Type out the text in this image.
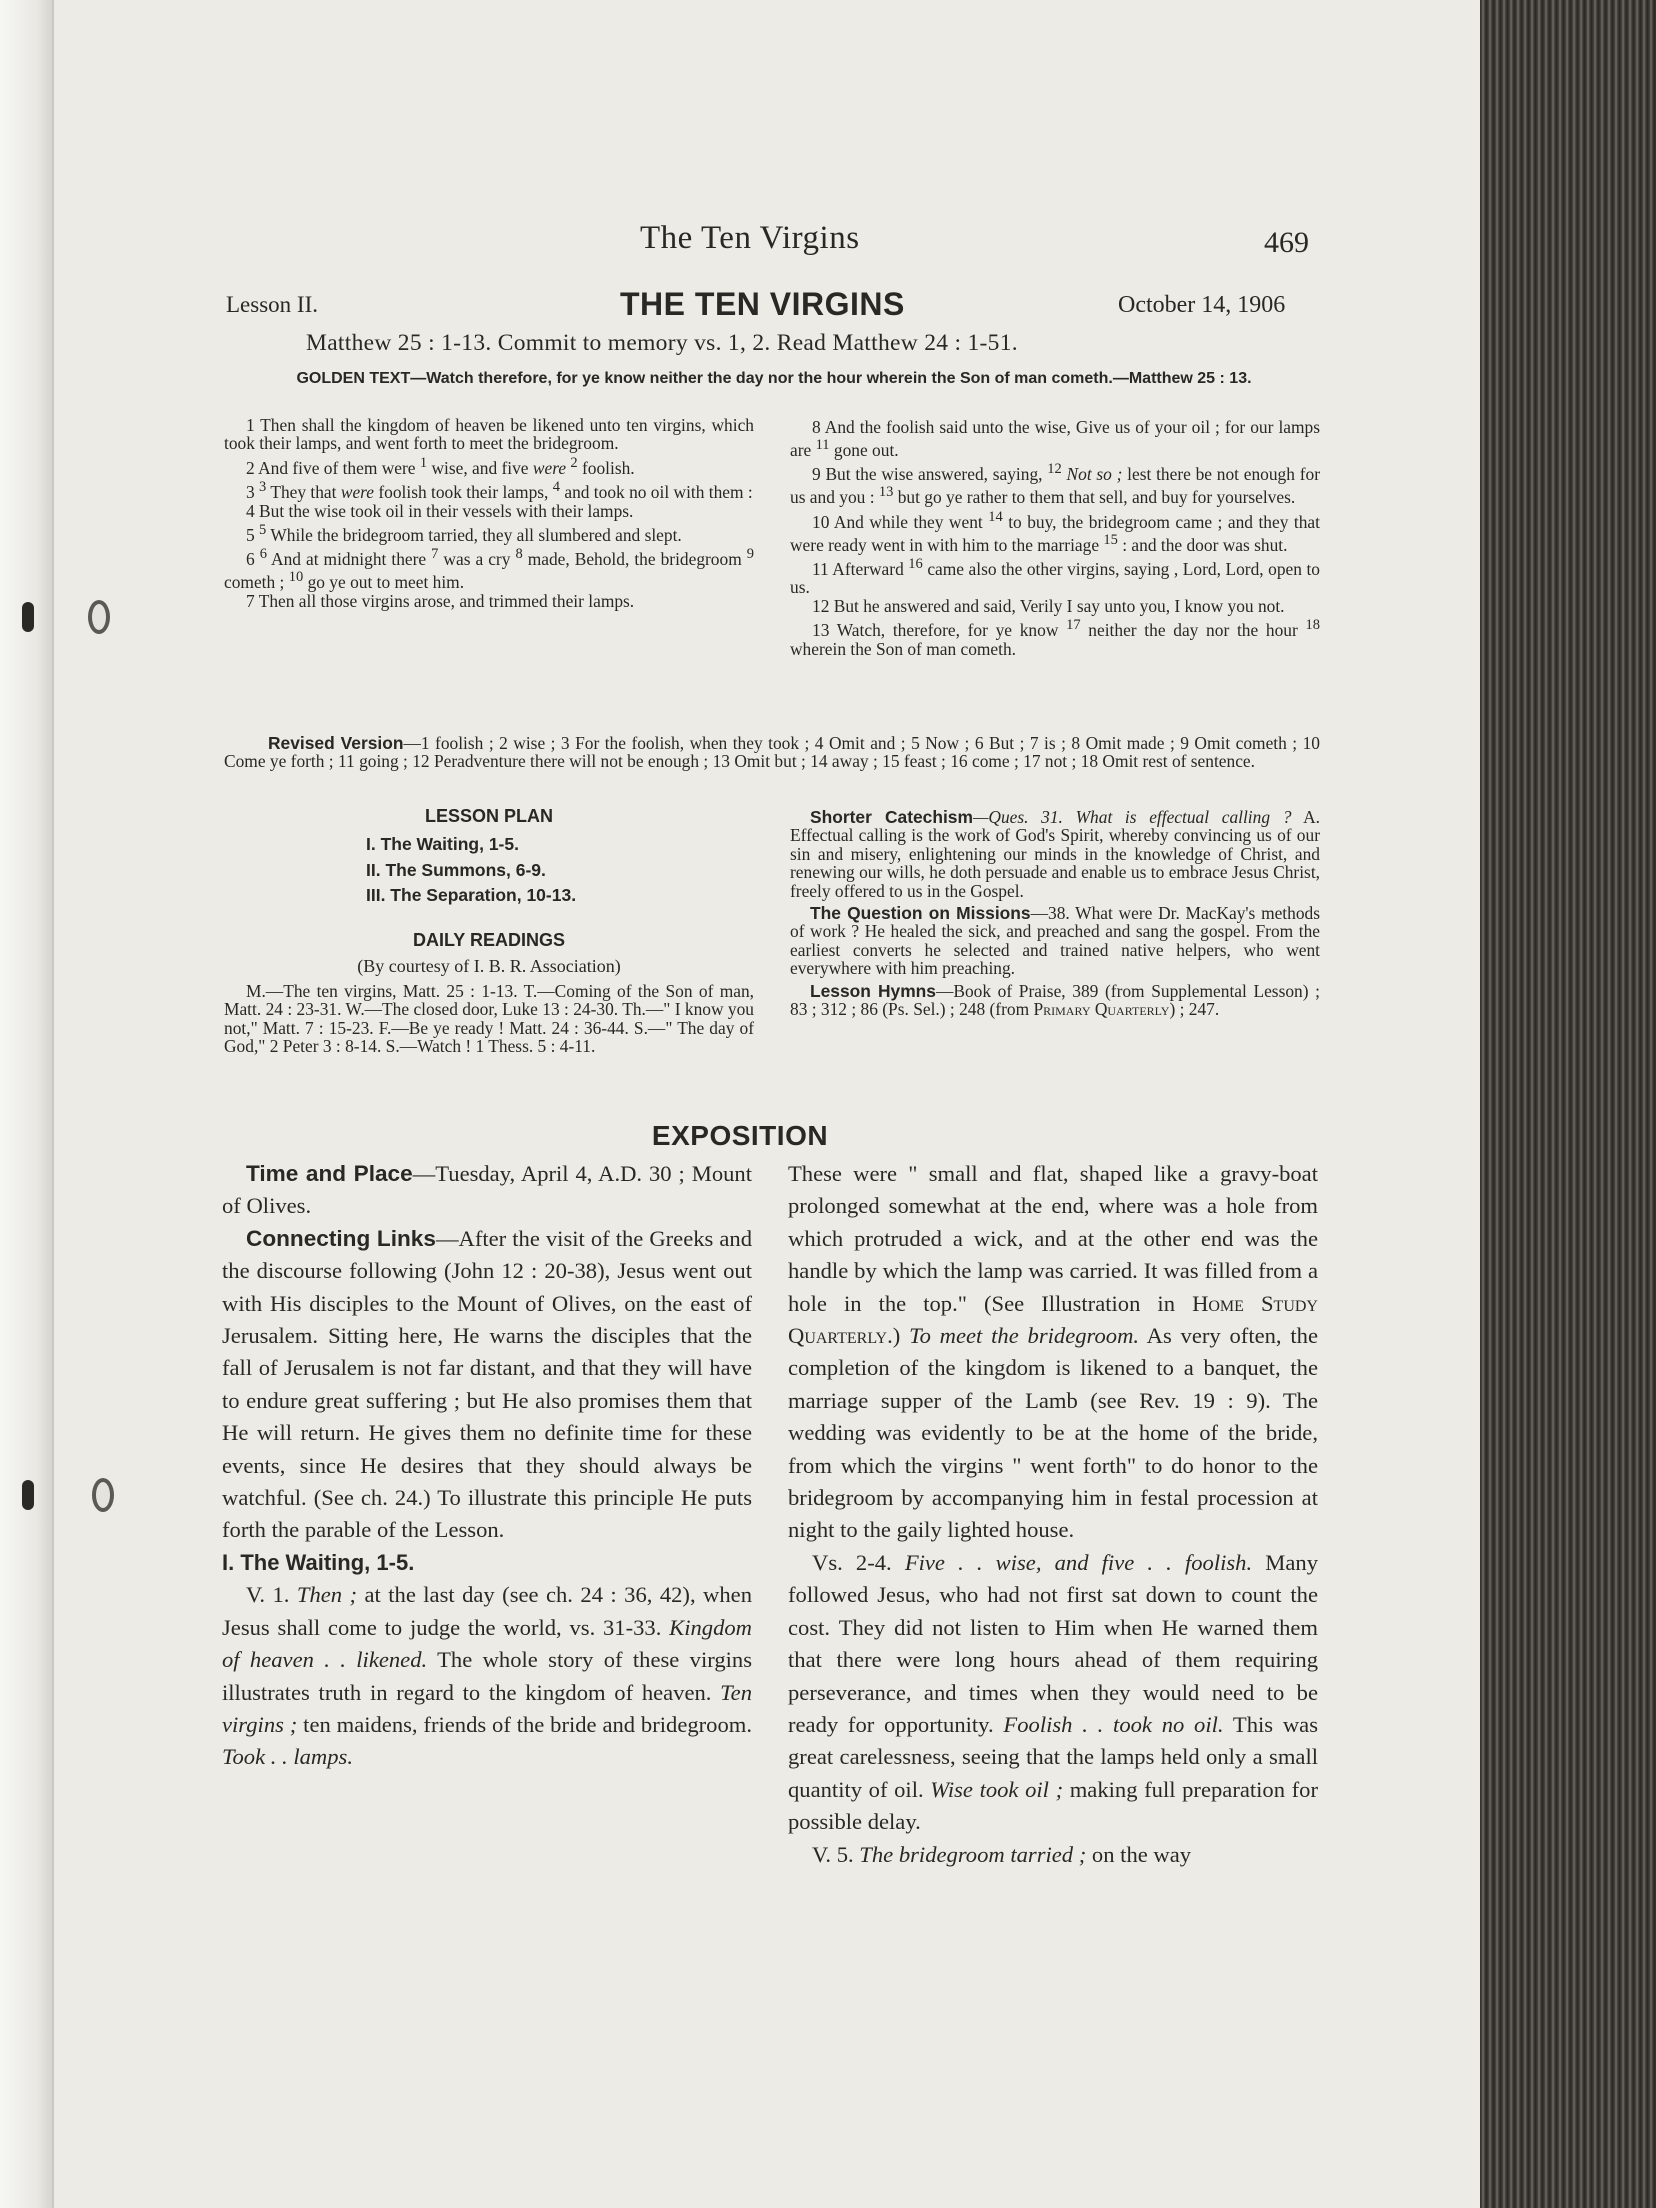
The Ten Virgins	469
Lesson II.	THE TEN VIRGINS	October 14, 1906
Matthew 25 : 1-13. Commit to memory vs. 1, 2. Read Matthew 24 : 1-51.
GOLDEN TEXT—Watch therefore, for ye know neither the day nor the hour wherein the Son of man cometh.—Matthew 25 : 13.

1 Then shall the kingdom of heaven be likened unto ten virgins, which took their lamps, and went forth to meet the bridegroom.

2 And five of them were $^1$ wise, and five were $^2$ foolish.

3 $^3$ They that were foolish took their lamps, $^4$ and took no oil with them :

4 But the wise took oil in their vessels with their lamps.

5 $^5$ While the bridegroom tarried, they all slumbered and slept.

6 $^6$ And at midnight there $^7$ was a cry $^8$ made, Behold, the bridegroom $^9$ cometh ; $^{10}$ go ye out to meet him.

7 Then all those virgins arose, and trimmed their lamps.

8 And the foolish said unto the wise, Give us of your oil ; for our lamps are $^{11}$ gone out.

9 But the wise answered, saying, $^{12}$ Not so ; lest there be not enough for us and you : $^{13}$ but go ye rather to them that sell, and buy for yourselves.

10 And while they went $^{14}$ to buy, the bridegroom came ; and they that were ready went in with him to the marriage $^{15}$ : and the door was shut.

11 Afterward $^{16}$ came also the other virgins, saying , Lord, Lord, open to us.

12 But he answered and said, Verily I say unto you, I know you not.

13 Watch, therefore, for ye know $^{17}$ neither the day nor the hour $^{18}$ wherein the Son of man cometh.

Revised Version—1 foolish ; 2 wise ; 3 For the foolish, when they took ; 4 Omit and ; 5 Now ; 6 But ; 7 is ; 8 Omit made ; 9 Omit cometh ; 10 Come ye forth ; 11 going ; 12 Peradventure there will not be enough ; 13 Omit but ; 14 away ; 15 feast ; 16 come ; 17 not ; 18 Omit rest of sentence.
LESSON PLAN
I. The Waiting, 1-5.
II. The Summons, 6-9.
III. The Separation, 10-13.
DAILY READINGS
(By courtesy of I. B. R. Association)
M.—The ten virgins, Matt. 25 : 1-13. T.—Coming of the Son of man, Matt. 24 : 23-31. W.—The closed door, Luke 13 : 24-30. Th.—" I know you not," Matt. 7 : 15-23. F.—Be ye ready ! Matt. 24 : 36-44. S.—" The day of God," 2 Peter 3 : 8-14. S.—Watch ! 1 Thess. 5 : 4-11.

Shorter Catechism—Ques. 31. What is effectual calling ? A. Effectual calling is the work of God's Spirit, whereby convincing us of our sin and misery, enlightening our minds in the knowledge of Christ, and renewing our wills, he doth persuade and enable us to embrace Jesus Christ, freely offered to us in the Gospel.

The Question on Missions—38. What were Dr. MacKay's methods of work ? He healed the sick, and preached and sang the gospel. From the earliest converts he selected and trained native helpers, who went everywhere with him preaching.

Lesson Hymns—Book of Praise, 389 (from Supplemental Lesson) ; 83 ; 312 ; 86 (Ps. Sel.) ; 248 (from Primary Quarterly) ; 247.

EXPOSITION

Time and Place—Tuesday, April 4, A.D. 30 ; Mount of Olives.

Connecting Links—After the visit of the Greeks and the discourse following (John 12 : 20-38), Jesus went out with His disciples to the Mount of Olives, on the east of Jerusalem. Sitting here, He warns the disciples that the fall of Jerusalem is not far distant, and that they will have to endure great suffering ; but He also promises them that He will return. He gives them no definite time for these events, since He desires that they should always be watchful. (See ch. 24.) To illustrate this principle He puts forth the parable of the Lesson.

I. The Waiting, 1-5.

V. 1. Then ; at the last day (see ch. 24 : 36, 42), when Jesus shall come to judge the world, vs. 31-33. Kingdom of heaven . . likened. The whole story of these virgins illustrates truth in regard to the kingdom of heaven. Ten virgins ; ten maidens, friends of the bride and bridegroom. Took . . lamps.

These were " small and flat, shaped like a gravy-boat prolonged somewhat at the end, where was a hole from which protruded a wick, and at the other end was the handle by which the lamp was carried. It was filled from a hole in the top." (See Illustration in Home Study Quarterly.) To meet the bridegroom. As very often, the completion of the kingdom is likened to a banquet, the marriage supper of the Lamb (see Rev. 19 : 9). The wedding was evidently to be at the home of the bride, from which the virgins " went forth" to do honor to the bridegroom by accompanying him in festal procession at night to the gaily lighted house.

Vs. 2-4. Five . . wise, and five . . foolish. Many followed Jesus, who had not first sat down to count the cost. They did not listen to Him when He warned them that there were long hours ahead of them requiring perseverance, and times when they would need to be ready for opportunity. Foolish . . took no oil. This was great carelessness, seeing that the lamps held only a small quantity of oil. Wise took oil ; making full preparation for possible delay.

V. 5. The bridegroom tarried ; on the way
